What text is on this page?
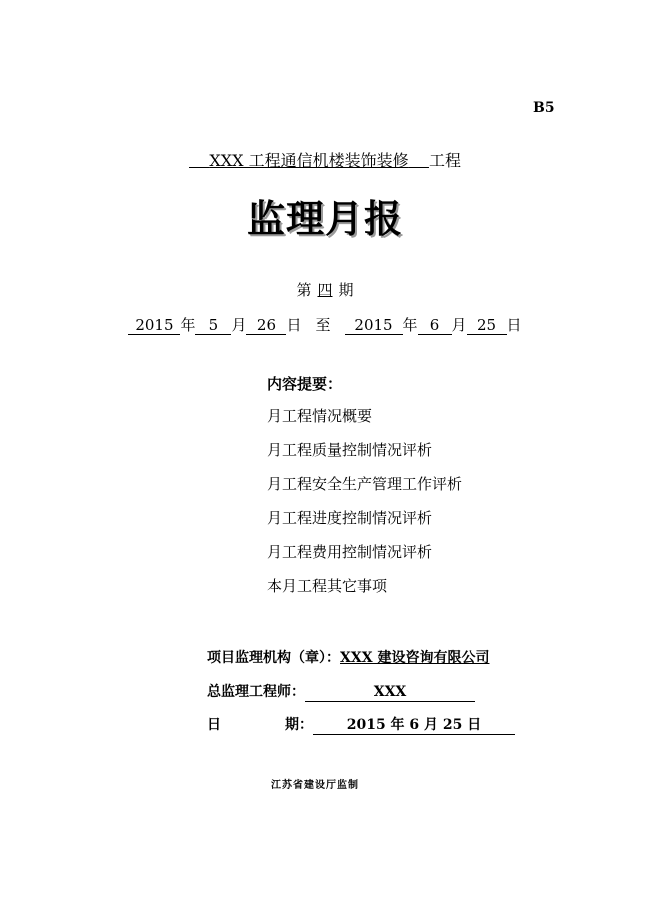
B5
XXX 工程通信机楼装饰装修 工程
监理月报
第 四 期
2015 年 5 月 26 日 至 2015 年 6 月 25 日
内容提要：
月工程情况概要
月工程质量控制情况评析
月工程安全生产管理工作评析
月工程进度控制情况评析
月工程费用控制情况评析
本月工程其它事项
项目监理机构（章）：XXX 建设咨询有限公司
总监理工程师：	XXX
日	期： 2015 年 6 月 25 日
江苏省建设厅监制
